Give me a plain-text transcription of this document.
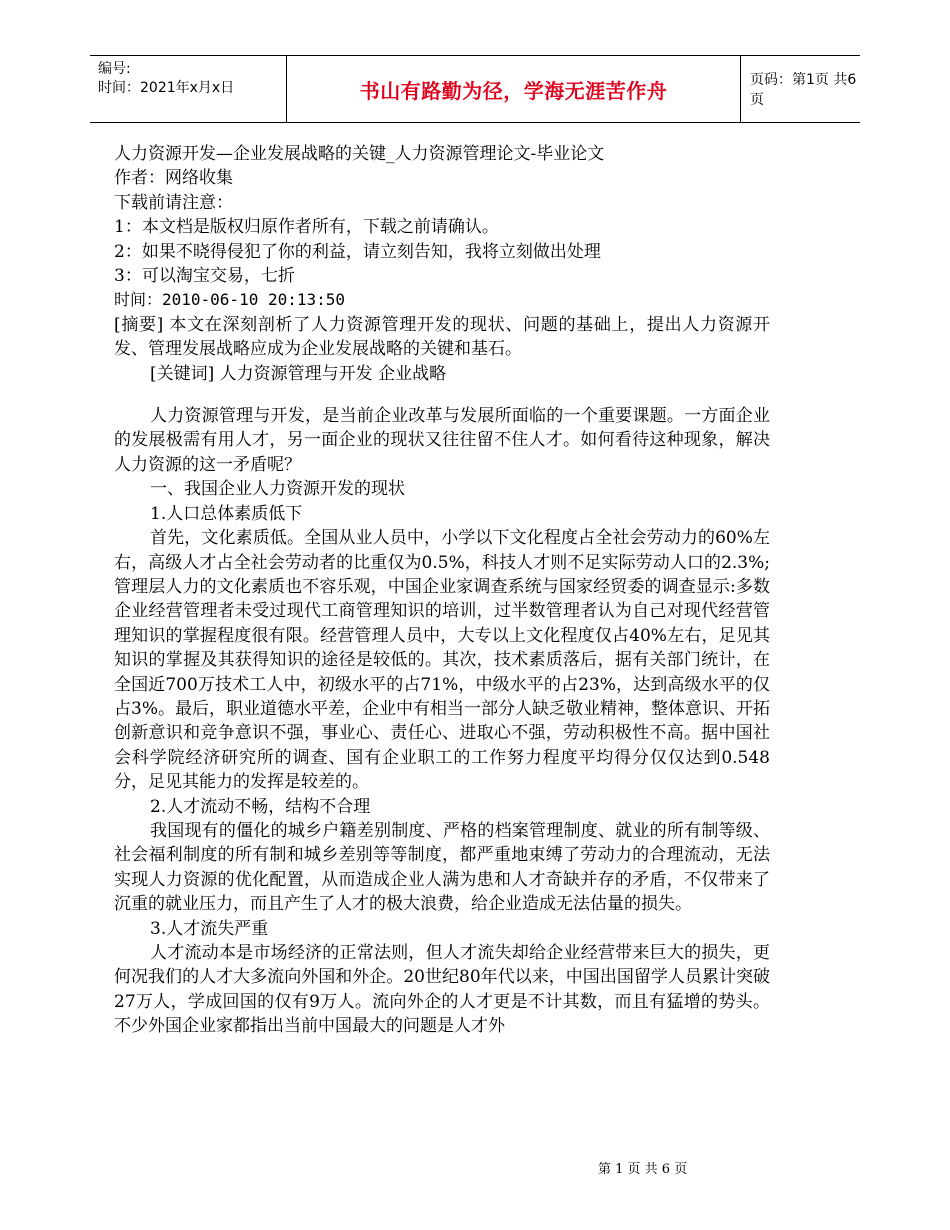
编号:
时间：2021年x月x日	书山有路勤为径，学海无涯苦作舟	页码：第1页 共6页

人力资源开发—企业发展战略的关键_人力资源管理论文-毕业论文

作者：网络收集

下载前请注意：

1：本文档是版权归原作者所有，下载之前请确认。

2：如果不晓得侵犯了你的利益，请立刻告知，我将立刻做出处理

3：可以淘宝交易，七折

时间：2010-06-10 20:13:50

[摘要] 本文在深刻剖析了人力资源管理开发的现状、问题的基础上，提出人力资源开发、管理发展战略应成为企业发展战略的关键和基石。

[关键词] 人力资源管理与开发 企业战略

人力资源管理与开发，是当前企业改革与发展所面临的一个重要课题。一方面企业的发展极需有用人才，另一面企业的现状又往往留不住人才。如何看待这种现象，解决人力资源的这一矛盾呢？

一、我国企业人力资源开发的现状

1.人口总体素质低下

首先，文化素质低。全国从业人员中，小学以下文化程度占全社会劳动力的60%左右，高级人才占全社会劳动者的比重仅为0.5%，科技人才则不足实际劳动人口的2.3%;管理层人力的文化素质也不容乐观，中国企业家调查系统与国家经贸委的调查显示:多数企业经营管理者未受过现代工商管理知识的培训，过半数管理者认为自己对现代经营管理知识的掌握程度很有限。经营管理人员中，大专以上文化程度仅占40%左右，足见其知识的掌握及其获得知识的途径是较低的。其次，技术素质落后，据有关部门统计，在全国近700万技术工人中，初级水平的占71%，中级水平的占23%，达到高级水平的仅占3%。最后，职业道德水平差，企业中有相当一部分人缺乏敬业精神，整体意识、开拓创新意识和竞争意识不强，事业心、责任心、进取心不强，劳动积极性不高。据中国社会科学院经济研究所的调查、国有企业职工的工作努力程度平均得分仅仅达到0.548分，足见其能力的发挥是较差的。

2.人才流动不畅，结构不合理

我国现有的僵化的城乡户籍差别制度、严格的档案管理制度、就业的所有制等级、社会福利制度的所有制和城乡差别等等制度，都严重地束缚了劳动力的合理流动，无法实现人力资源的优化配置，从而造成企业人满为患和人才奇缺并存的矛盾，不仅带来了沉重的就业压力，而且产生了人才的极大浪费，给企业造成无法估量的损失。

3.人才流失严重

人才流动本是市场经济的正常法则，但人才流失却给企业经营带来巨大的损失，更何况我们的人才大多流向外国和外企。20世纪80年代以来，中国出国留学人员累计突破27万人，学成回国的仅有9万人。流向外企的人才更是不计其数，而且有猛增的势头。不少外国企业家都指出当前中国最大的问题是人才外

第 1 页 共 6 页
